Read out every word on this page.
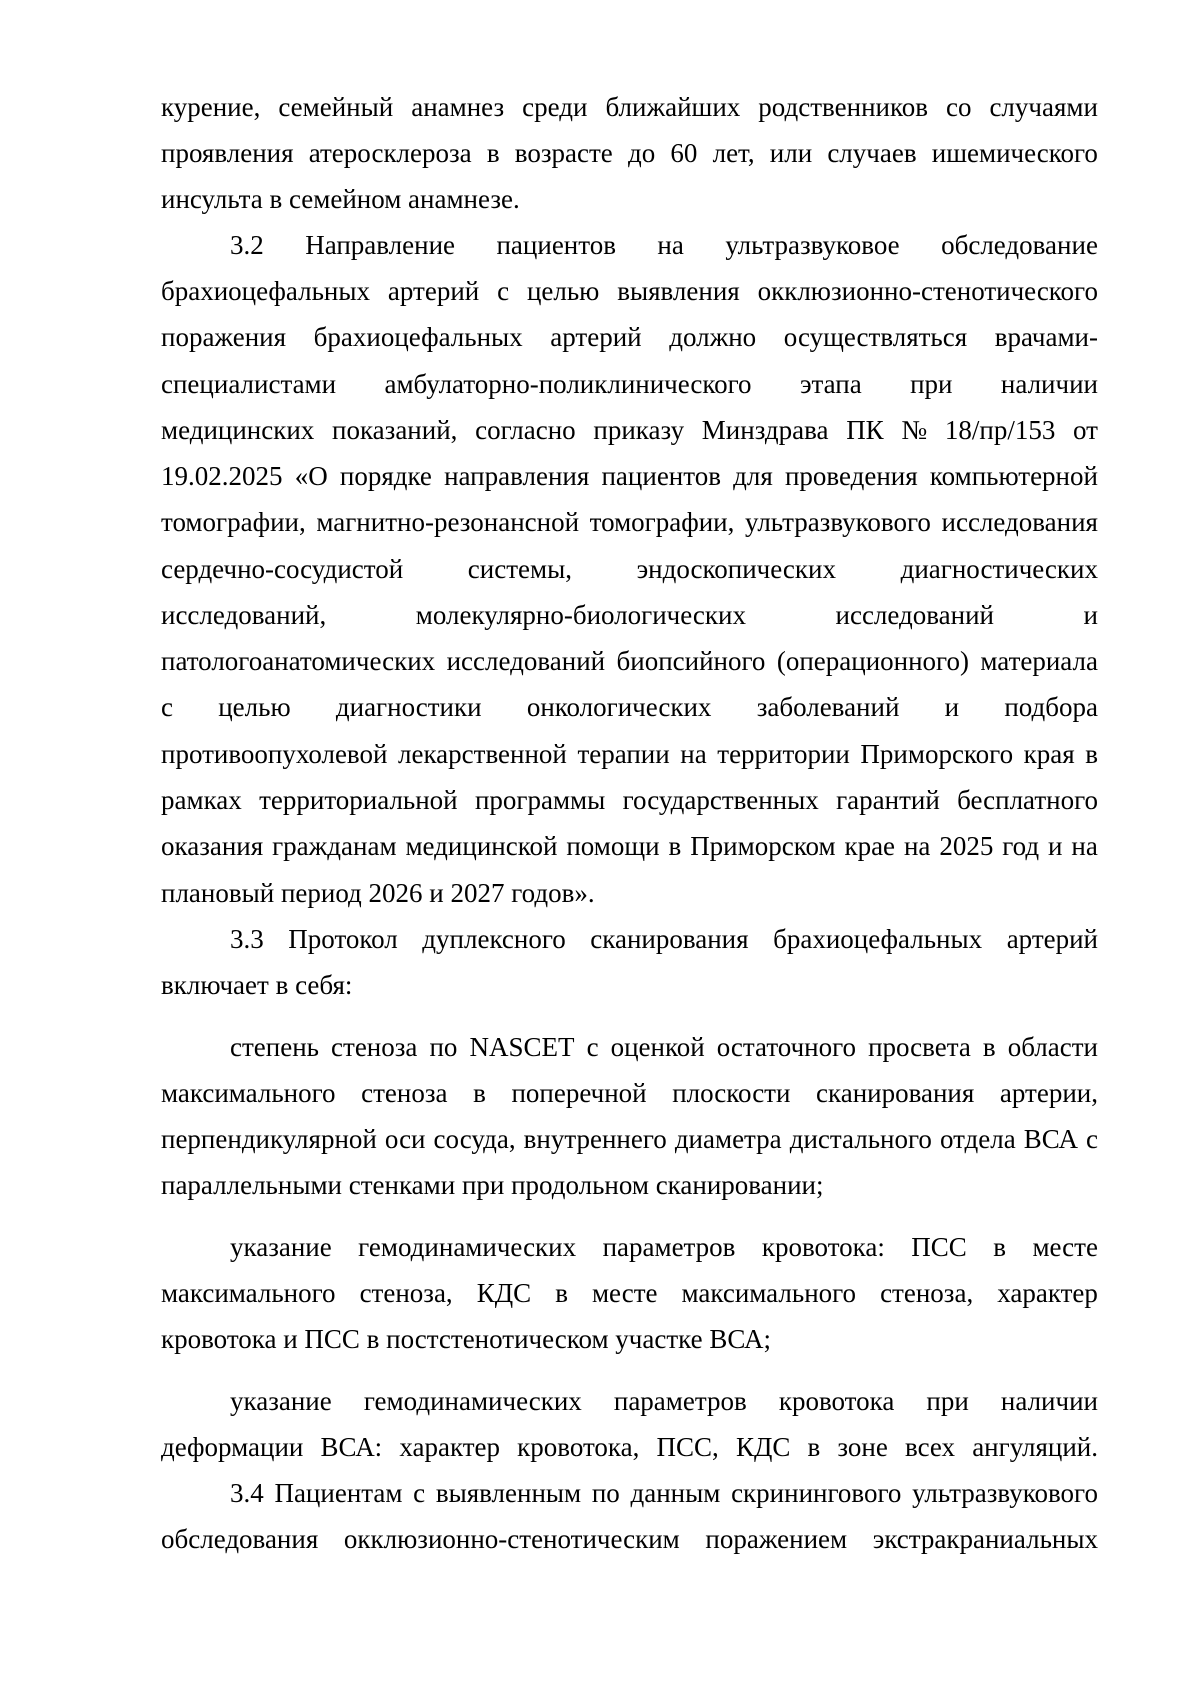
курение, семейный анамнез среди ближайших родственников со случаями
проявления атеросклероза в возрасте до 60 лет, или случаев ишемического
инсульта в семейном анамнезе.
3.2 Направление пациентов на ультразвуковое обследование
брахиоцефальных артерий с целью выявления окклюзионно-стенотического
поражения брахиоцефальных артерий должно осуществляться врачами-
специалистами амбулаторно-поликлинического этапа при наличии
медицинских показаний, согласно приказу Минздрава ПК № 18/пр/153 от
19.02.2025 «О порядке направления пациентов для проведения компьютерной
томографии, магнитно-резонансной томографии, ультразвукового исследования
сердечно-сосудистой системы, эндоскопических диагностических
исследований,	молекулярно-биологических	исследований	и
патологоанатомических исследований биопсийного (операционного) материала
с целью диагностики онкологических заболеваний и подбора
противоопухолевой лекарственной терапии на территории Приморского края в
рамках территориальной программы государственных гарантий бесплатного
оказания гражданам медицинской помощи в Приморском крае на 2025 год и на
плановый период 2026 и 2027 годов».
3.3 Протокол дуплексного сканирования брахиоцефальных артерий
включает в себя:
степень стеноза по NASCET с оценкой остаточного просвета в области
максимального стеноза в поперечной плоскости сканирования артерии,
перпендикулярной оси сосуда, внутреннего диаметра дистального отдела ВСА с
параллельными стенками при продольном сканировании;
указание гемодинамических параметров кровотока: ПСС в месте
максимального стеноза, КДС в месте максимального стеноза, характер
кровотока и ПСС в постстенотическом участке ВСА;
указание гемодинамических параметров кровотока при наличии
деформации ВСА: характер кровотока, ПСС, КДС в зоне всех ангуляций.
3.4 Пациентам с выявленным по данным скринингового ультразвукового
обследования окклюзионно-стенотическим поражением экстракраниальных
